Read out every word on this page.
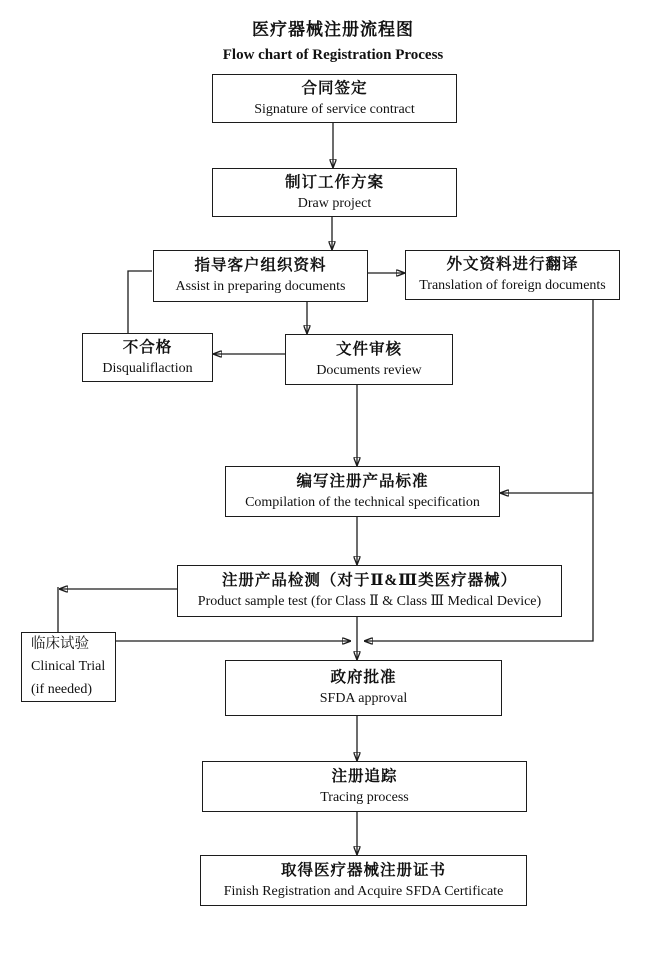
医疗器械注册流程图
Flow chart of Registration Process
合同签定
Signature of service contract
制订工作方案
Draw project
指导客户组织资料
Assist in preparing documents
外文资料进行翻译
Translation of foreign documents
不合格
Disqualiflaction
文件审核
Documents review
编写注册产品标准
Compilation of the technical specification
注册产品检测（对于Ⅱ&Ⅲ类医疗器械）
Product sample test (for Class Ⅱ & Class Ⅲ Medical Device)
临床试验
Clinical Trial
(if needed)
政府批准
SFDA approval
注册追踪
Tracing process
取得医疗器械注册证书
Finish Registration and Acquire SFDA Certificate
